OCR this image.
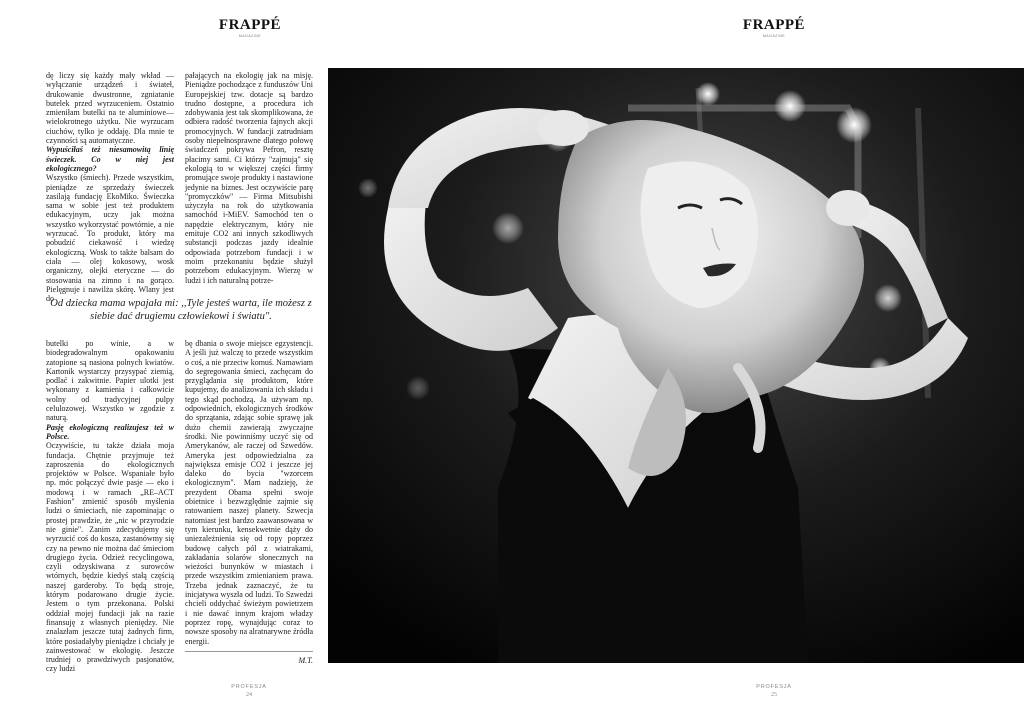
FRAPPÉ
MAGAZINE
FRAPPÉ
MAGAZINE

dę liczy się każdy mały wkład — wyłączanie urządzeń i świateł, drukowanie dwustronne, zgniatanie butelek przed wyrzuceniem. Ostatnio zmieniłam butelki na te aluminiowe— wielokrotnego użytku. Nie wyrzucam ciuchów, tylko je oddaję. Dla mnie te czynności są automatyczne.

Wypuściłaś też niesamowitą linię świeczek. Co w niej jest ekologicznego?

Wszystko (śmiech). Przede wszystkim, pieniądze ze sprzedaży świeczek zasilają fundację EkoMiko. Świeczka sama w sobie jest też produktem edukacyjnym, uczy jak można wszystko wykorzystać powtórnie, a nie wyrzucać. To produkt, który ma pobudzić ciekawość i wiedzę ekologiczną. Wosk to także balsam do ciała — olej kokosowy, wosk organiczny, olejki eteryczne — do stosowania na zimno i na gorąco. Pielęgnuje i nawilża skórę. Wlany jest do

pałających na ekologię jak na misję. Pieniądze pochodzące z funduszów Uni Europejskiej tzw. dotacje są bardzo trudno dostępne, a procedura ich zdobywania jest tak skomplikowana, że odbiera radość tworzenia fajnych akcji promocyjnych. W fundacji zatrudniam osoby niepełnosprawne dlatego połowę świadczeń pokrywa Pefron, resztę płacimy sami. Ci którzy "zajmują" się ekologią to w większej części firmy promujące swoje produkty i nastawione jedynie na biznes. Jest oczywiście parę "promyczków" — Firma Mitsubishi użyczyła na rok do użytkowania samochód i-MiEV. Samochód ten o napędzie elektrycznym, który nie emituje CO2 ani innych szkodliwych substancji podczas jazdy idealnie odpowiada potrzebom fundacji i w moim przekonaniu będzie służył potrzebom edukacyjnym. Wierzę w ludzi i ich naturalną potrze-

Od dziecka mama wpajała mi: ,,Tyle jesteś warta, ile możesz z siebie dać drugiemu człowiekowi i światu".

butelki po winie, a w biodegradowalnym opakowaniu zatopione są nasiona polnych kwiatów. Kartonik wystarczy przysypać ziemią, podlać i zakwitnie. Papier ulotki jest wykonany z kamienia i całkowicie wolny od tradycyjnej pulpy celulozowej. Wszystko w zgodzie z naturą.

Pasję ekologiczną realizujesz też w Polsce.

Oczywiście, tu także działa moja fundacja. Chętnie przyjmuje też zaproszenia do ekologicznych projektów w Polsce. Wspaniałe było np. móc połączyć dwie pasje — eko i modową i w ramach „RE–ACT Fashion" zmienić sposób myślenia ludzi o śmieciach, nie zapominając o prostej prawdzie, że „nic w przyrodzie nie ginie". Zanim zdecydujemy się wyrzucić coś do kosza, zastanówmy się czy na pewno nie można dać śmieciom drugiego życia. Odzież recyclingowa, czyli odzyskiwana z surowców wtórnych, będzie kiedyś stałą częścią naszej garderoby. To będą stroje, którym podarowano drugie życie. Jestem o tym przekonana. Polski oddział mojej fundacji jak na razie finansuję z własnych pieniędzy. Nie znalazłam jeszcze tutaj żadnych firm, które posiadałyby pieniądze i chciały je zainwestować w ekologię. Jeszcze trudniej o prawdziwych pasjonatów, czy ludzi

bę dbania o swoje miejsce egzystencji. A jeśli już walczę to przede wszystkim o coś, a nie przeciw komuś. Namawiam do segregowania śmieci, zachęcam do przyglądania się produktom, które kupujemy, do analizowania ich składu i tego skąd pochodzą. Ja używam np. odpowiednich, ekologicznych środków do sprzątania, zdając sobie sprawę jak dużo chemii zawierają zwyczajne środki. Nie powinniśmy uczyć się od Amerykanów, ale raczej od Szwedów. Ameryka jest odpowiedzialna za największa emisje CO2 i jeszcze jej daleko do bycia "wzorcem ekologicznym". Mam nadzieję, że prezydent Obama spełni swoje obietnice i bezwzględnie zajmie się ratowaniem naszej planety. Szwecja natomiast jest bardzo zaawansowana w tym kierunku, kensekwetnie dąży do uniezależnienia się od ropy poprzez budowę całych pól z wiatrakami, zakładania solarów słonecznych na wieżości bunynków w miastach i przede wszystkim zmienianiem prawa. Trzeba jednak zaznaczyć, że tu inicjatywa wyszła od ludzi. To Szwedzi chcieli oddychać świeżym powietrzem i nie dawać innym krajom władzy poprzez ropę, wynajdując coraz to nowsze sposoby na alratnarywne źródła energii.

M.T.
PROFESJA
24
PROFESJA
25
